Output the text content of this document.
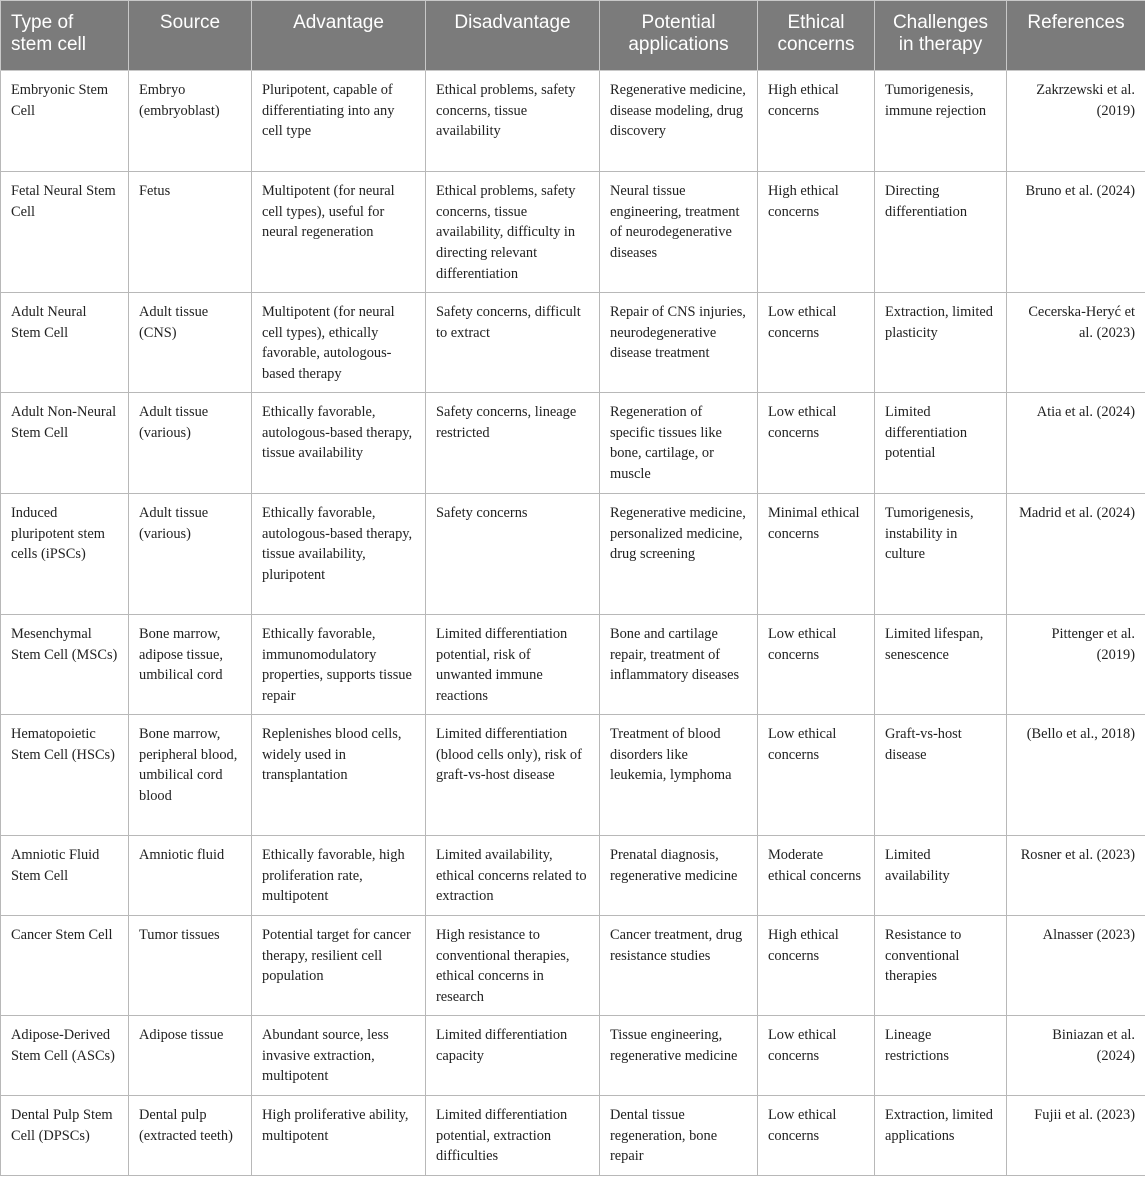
Type of stem cell	Source	Advantage	Disadvantage	Potential applications	Ethical concerns	Challenges in therapy	References
Embryonic Stem Cell	Embryo (embryoblast)	Pluripotent, capable of differentiating into any cell type	Ethical problems, safety concerns, tissue availability	Regenerative medicine, disease modeling, drug discovery	High ethical concerns	Tumorigenesis, immune rejection	Zakrzewski et al. (2019)
Fetal Neural Stem Cell	Fetus	Multipotent (for neural cell types), useful for neural regeneration	Ethical problems, safety concerns, tissue availability, difficulty in directing relevant differentiation	Neural tissue engineering, treatment of neurodegenerative diseases	High ethical concerns	Directing differentiation	Bruno et al. (2024)
Adult Neural Stem Cell	Adult tissue (CNS)	Multipotent (for neural cell types), ethically favorable, autologous-based therapy	Safety concerns, difficult to extract	Repair of CNS injuries, neurodegenerative disease treatment	Low ethical concerns	Extraction, limited plasticity	Cecerska-Heryć et al. (2023)
Adult Non-Neural Stem Cell	Adult tissue (various)	Ethically favorable, autologous-based therapy, tissue availability	Safety concerns, lineage restricted	Regeneration of specific tissues like bone, cartilage, or muscle	Low ethical concerns	Limited differentiation potential	Atia et al. (2024)
Induced pluripotent stem cells (iPSCs)	Adult tissue (various)	Ethically favorable, autologous-based therapy, tissue availability, pluripotent	Safety concerns	Regenerative medicine, personalized medicine, drug screening	Minimal ethical concerns	Tumorigenesis, instability in culture	Madrid et al. (2024)
Mesenchymal Stem Cell (MSCs)	Bone marrow, adipose tissue, umbilical cord	Ethically favorable, immunomodulatory properties, supports tissue repair	Limited differentiation potential, risk of unwanted immune reactions	Bone and cartilage repair, treatment of inflammatory diseases	Low ethical concerns	Limited lifespan, senescence	Pittenger et al. (2019)
Hematopoietic Stem Cell (HSCs)	Bone marrow, peripheral blood, umbilical cord blood	Replenishes blood cells, widely used in transplantation	Limited differentiation (blood cells only), risk of graft-vs-host disease	Treatment of blood disorders like leukemia, lymphoma	Low ethical concerns	Graft-vs-host disease	(Bello et al., 2018)
Amniotic Fluid Stem Cell	Amniotic fluid	Ethically favorable, high proliferation rate, multipotent	Limited availability, ethical concerns related to extraction	Prenatal diagnosis, regenerative medicine	Moderate ethical concerns	Limited availability	Rosner et al. (2023)
Cancer Stem Cell	Tumor tissues	Potential target for cancer therapy, resilient cell population	High resistance to conventional therapies, ethical concerns in research	Cancer treatment, drug resistance studies	High ethical concerns	Resistance to conventional therapies	Alnasser (2023)
Adipose-Derived Stem Cell (ASCs)	Adipose tissue	Abundant source, less invasive extraction, multipotent	Limited differentiation capacity	Tissue engineering, regenerative medicine	Low ethical concerns	Lineage restrictions	Biniazan et al. (2024)
Dental Pulp Stem Cell (DPSCs)	Dental pulp (extracted teeth)	High proliferative ability, multipotent	Limited differentiation potential, extraction difficulties	Dental tissue regeneration, bone repair	Low ethical concerns	Extraction, limited applications	Fujii et al. (2023)
